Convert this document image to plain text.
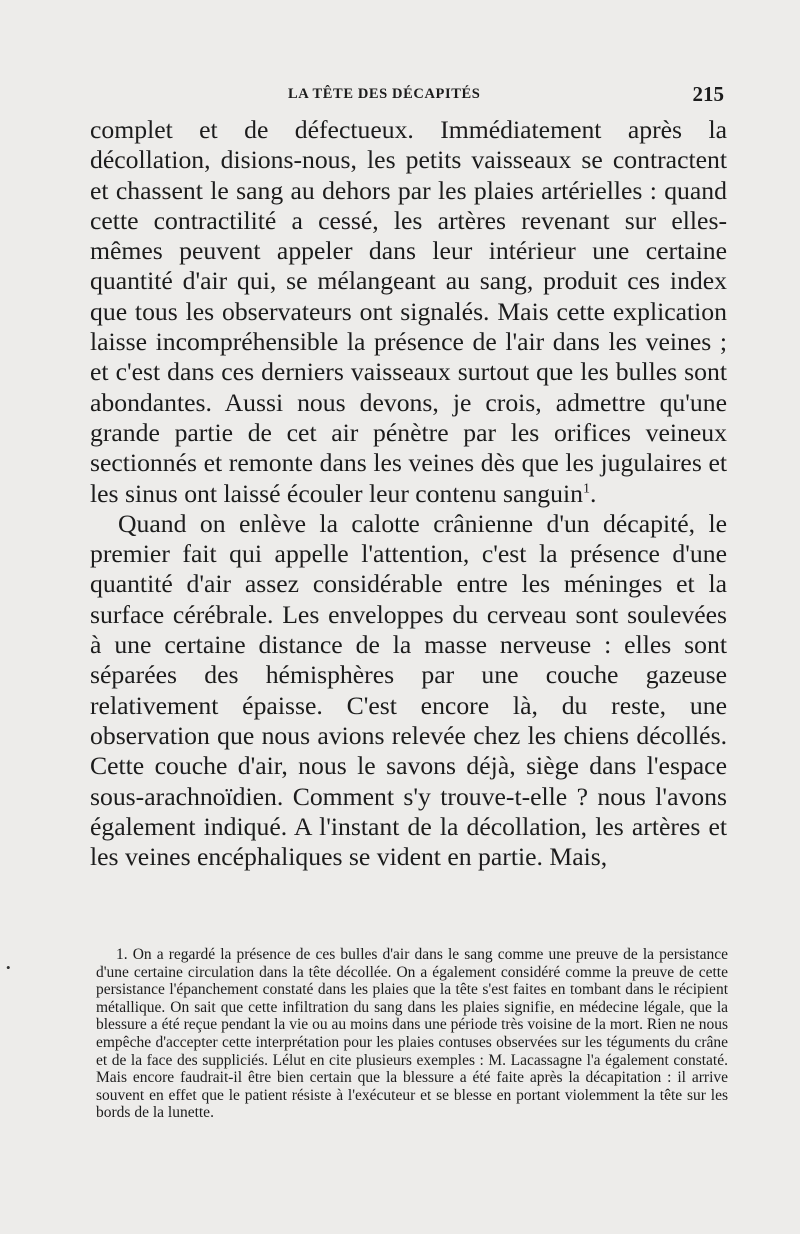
LA TÊTE DES DÉCAPITÉS	215

complet et de défectueux. Immédiatement après la décollation, disions-nous, les petits vaisseaux se contractent et chassent le sang au dehors par les plaies artérielles : quand cette contractilité a cessé, les artères revenant sur elles-mêmes peuvent appeler dans leur intérieur une certaine quantité d'air qui, se mélangeant au sang, produit ces index que tous les observateurs ont signalés. Mais cette explication laisse incompréhensible la présence de l'air dans les veines ; et c'est dans ces derniers vaisseaux surtout que les bulles sont abondantes. Aussi nous devons, je crois, admettre qu'une grande partie de cet air pénètre par les orifices veineux sectionnés et remonte dans les veines dès que les jugulaires et les sinus ont laissé écouler leur contenu sanguin$^1$.

Quand on enlève la calotte crânienne d'un décapité, le premier fait qui appelle l'attention, c'est la présence d'une quantité d'air assez considérable entre les méninges et la surface cérébrale. Les enveloppes du cerveau sont soulevées à une certaine distance de la masse nerveuse : elles sont séparées des hémisphères par une couche gazeuse relativement épaisse. C'est encore là, du reste, une observation que nous avions relevée chez les chiens décollés. Cette couche d'air, nous le savons déjà, siège dans l'espace sous-arachnoïdien. Comment s'y trouve-t-elle ? nous l'avons également indiqué. A l'instant de la décollation, les artères et les veines encéphaliques se vident en partie. Mais,

•

1. On a regardé la présence de ces bulles d'air dans le sang comme une preuve de la persistance d'une certaine circulation dans la tête décollée. On a également considéré comme la preuve de cette persistance l'épanchement constaté dans les plaies que la tête s'est faites en tombant dans le récipient métallique. On sait que cette infiltration du sang dans les plaies signifie, en médecine légale, que la blessure a été reçue pendant la vie ou au moins dans une période très voisine de la mort. Rien ne nous empêche d'accepter cette interprétation pour les plaies contuses observées sur les téguments du crâne et de la face des suppliciés. Lélut en cite plusieurs exemples : M. Lacassagne l'a également constaté. Mais encore faudrait-il être bien certain que la blessure a été faite après la décapitation : il arrive souvent en effet que le patient résiste à l'exécuteur et se blesse en portant violemment la tête sur les bords de la lunette.
